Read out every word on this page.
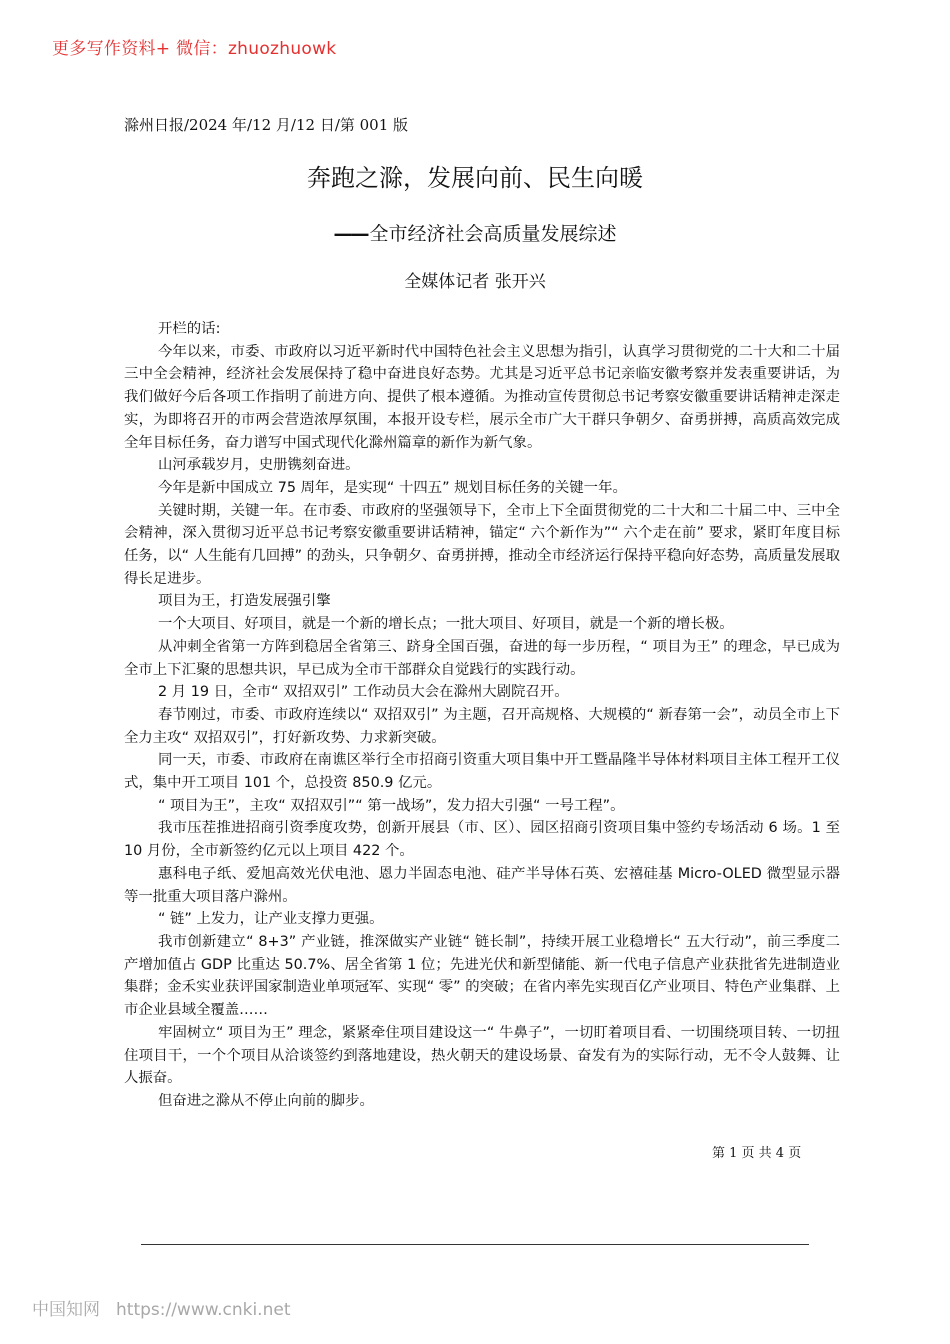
更多写作资料+ 微信：zhuozhuowk
滁州日报/2024 年/12 月/12 日/第 001 版
奔跑之滁，发展向前、民生向暖
—— 全市经济社会高质量发展综述
全媒体记者 张开兴

开栏的话:

今年以来，市委、市政府以习近平新时代中国特色社会主义思想为指引，认真学习贯彻党的二十大和二十届三中全会精神，经济社会发展保持了稳中奋进良好态势。尤其是习近平总书记亲临安徽考察并发表重要讲话，为我们做好今后各项工作指明了前进方向、提供了根本遵循。为推动宣传贯彻总书记考察安徽重要讲话精神走深走实，为即将召开的市两会营造浓厚氛围，本报开设专栏，展示全市广大干群只争朝夕、奋勇拼搏，高质高效完成全年目标任务，奋力谱写中国式现代化滁州篇章的新作为新气象。

山河承载岁月，史册镌刻奋进。

今年是新中国成立 75 周年，是实现“ 十四五” 规划目标任务的关键一年。

关键时期，关键一年。在市委、市政府的坚强领导下，全市上下全面贯彻党的二十大和二十届二中、三中全会精神，深入贯彻习近平总书记考察安徽重要讲话精神，锚定“ 六个新作为”“ 六个走在前” 要求，紧盯年度目标任务，以“ 人生能有几回搏” 的劲头，只争朝夕、奋勇拼搏，推动全市经济运行保持平稳向好态势，高质量发展取得长足进步。

项目为王，打造发展强引擎

一个大项目、好项目，就是一个新的增长点；一批大项目、好项目，就是一个新的增长极。

从冲刺全省第一方阵到稳居全省第三、跻身全国百强，奋进的每一步历程，“ 项目为王” 的理念，早已成为全市上下汇聚的思想共识，早已成为全市干部群众自觉践行的实践行动。

2 月 19 日，全市“ 双招双引” 工作动员大会在滁州大剧院召开。

春节刚过，市委、市政府连续以“ 双招双引” 为主题，召开高规格、大规模的“ 新春第一会”，动员全市上下全力主攻“ 双招双引”，打好新攻势、力求新突破。

同一天，市委、市政府在南谯区举行全市招商引资重大项目集中开工暨晶隆半导体材料项目主体工程开工仪式，集中开工项目 101 个，总投资 850.9 亿元。

“ 项目为王”，主攻“ 双招双引”“ 第一战场”，发力招大引强“ 一号工程”。

我市压茬推进招商引资季度攻势，创新开展县（市、区）、园区招商引资项目集中签约专场活动 6 场。1 至 10 月份，全市新签约亿元以上项目 422 个。

惠科电子纸、爱旭高效光伏电池、恩力半固态电池、硅产半导体石英、宏禧硅基 Micro-OLED 微型显示器等一批重大项目落户滁州。

“ 链” 上发力，让产业支撑力更强。

我市创新建立“ 8+3” 产业链，推深做实产业链“ 链长制”，持续开展工业稳增长“ 五大行动”，前三季度二产增加值占 GDP 比重达 50.7%、居全省第 1 位；先进光伏和新型储能、新一代电子信息产业获批省先进制造业集群；金禾实业获评国家制造业单项冠军、实现“ 零” 的突破；在省内率先实现百亿产业项目、特色产业集群、上市企业县域全覆盖……

牢固树立“ 项目为王” 理念，紧紧牵住项目建设这一“ 牛鼻子”，一切盯着项目看、一切围绕项目转、一切扭住项目干，一个个项目从洽谈签约到落地建设，热火朝天的建设场景、奋发有为的实际行动，无不令人鼓舞、让人振奋。

但奋进之滁从不停止向前的脚步。

第 1 页 共 4 页
中国知网 https://www.cnki.net
